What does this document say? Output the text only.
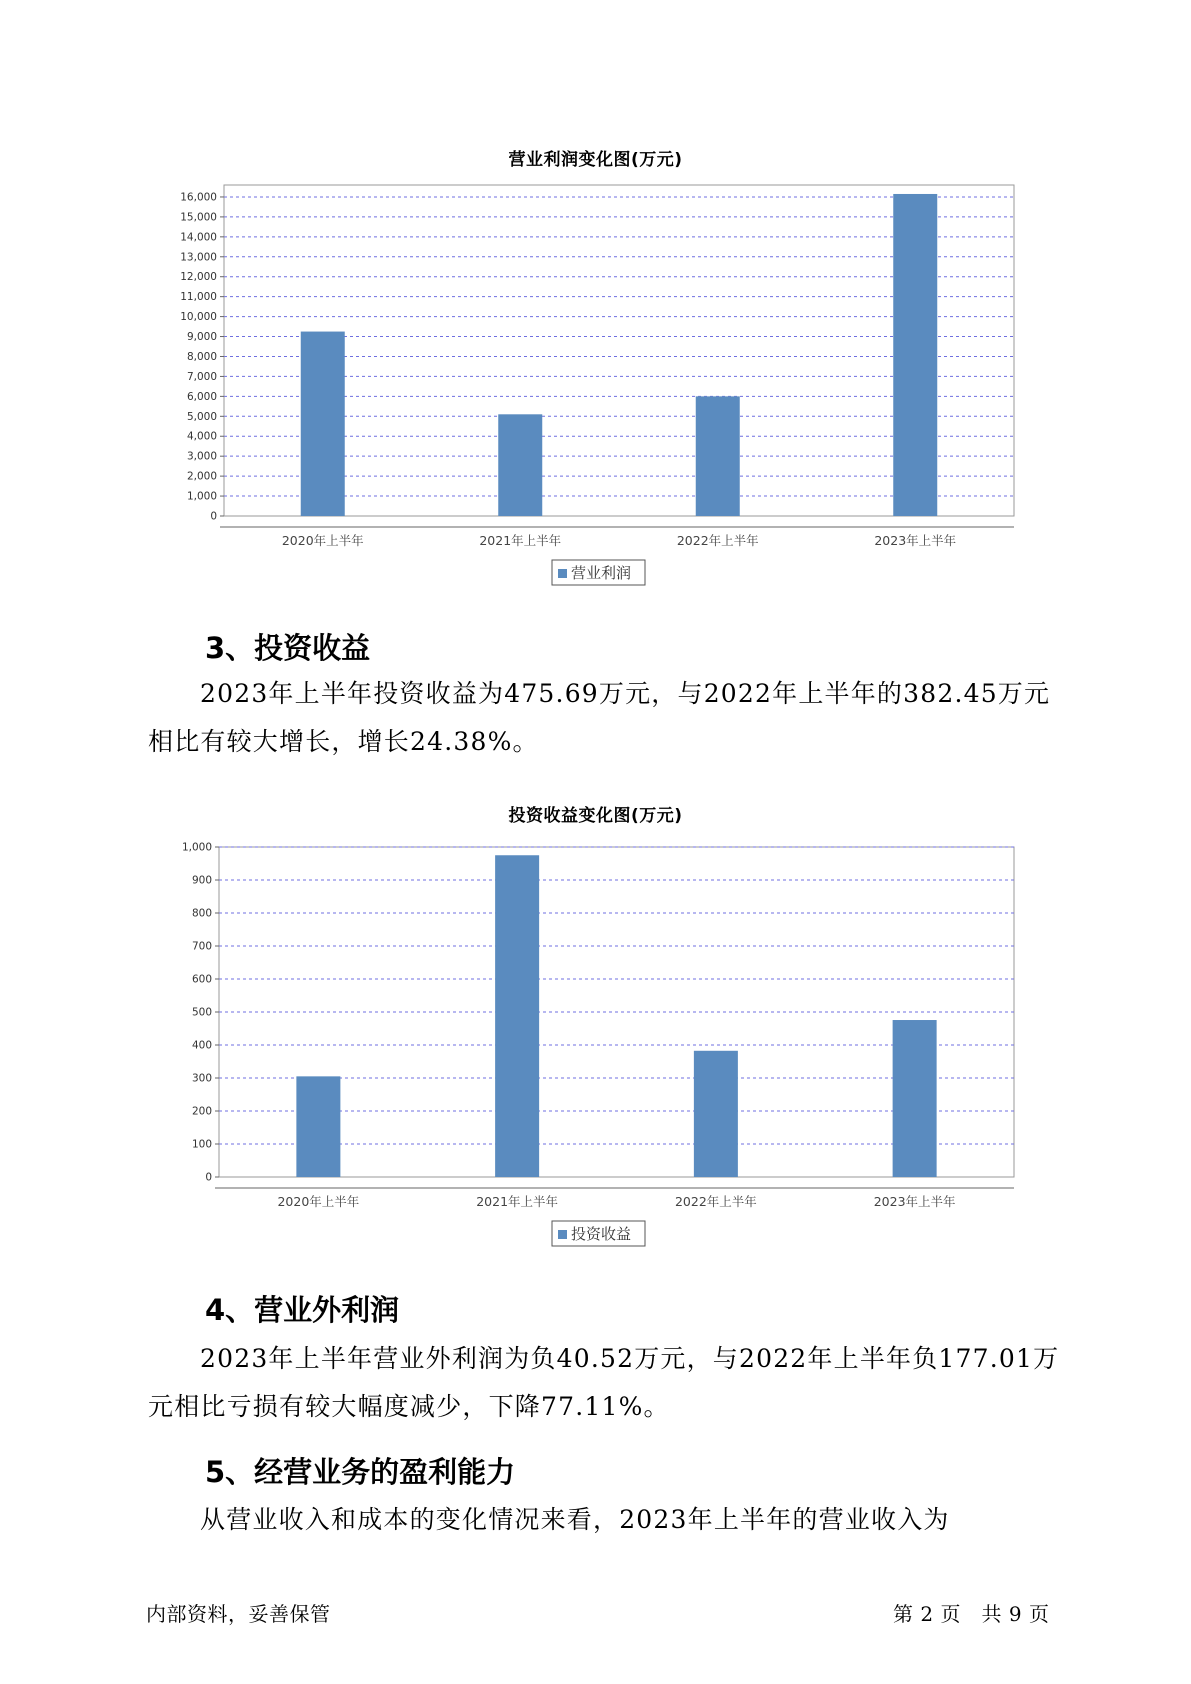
营业利润变化图(万元)
0
1,000
2,000
3,000
4,000
5,000
6,000
7,000
8,000
9,000
10,000
11,000
12,000
13,000
14,000
15,000
16,000
2020年上半年	2021年上半年	2022年上半年	2023年上半年
营业利润
3、投资收益
2023年上半年投资收益为475.69万元，与2022年上半年的382.45万元相比有较大增长，增长24.38%。
投资收益变化图(万元)
0
100
200
300
400
500
600
700
800
900
1,000
2020年上半年	2021年上半年	2022年上半年	2023年上半年
投资收益
4、营业外利润
2023年上半年营业外利润为负40.52万元，与2022年上半年负177.01万元相比亏损有较大幅度减少，下降77.11%。
5、经营业务的盈利能力
从营业收入和成本的变化情况来看，2023年上半年的营业收入为
内部资料，妥善保管	第 2 页   共 9 页
